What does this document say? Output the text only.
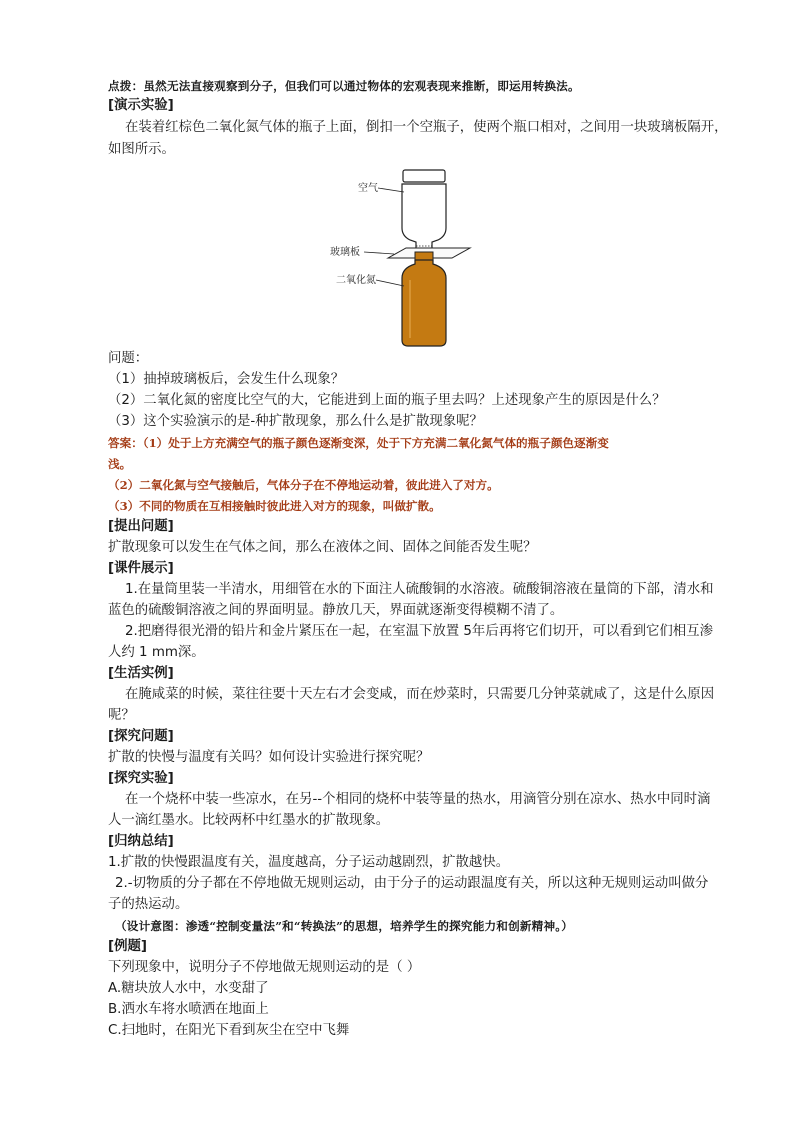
点拨：虽然无法直接观察到分子，但我们可以通过物体的宏观表现来推断，即运用转换法。
[演示实验]
在装着红棕色二氧化氮气体的瓶子上面，倒扣一个空瓶子，使两个瓶口相对，之间用一块玻璃板隔开，
如图所示。
空气
玻璃板
二氧化氮
问题：
（1）抽掉玻璃板后，会发生什么现象？
（2）二氧化氮的密度比空气的大，它能进到上面的瓶子里去吗？上述现象产生的原因是什么？
（3）这个实验演示的是-种扩散现象，那么什么是扩散现象呢？
答案：（1）处于上方充满空气的瓶子颜色逐渐变深，处于下方充满二氧化氮气体的瓶子颜色逐渐变
浅。
（2）二氧化氮与空气接触后，气体分子在不停地运动着，彼此进入了对方。
（3）不同的物质在互相接触时彼此进入对方的现象，叫做扩散。
[提出问题]
扩散现象可以发生在气体之间，那么在液体之间、固体之间能否发生呢？
[课件展示]
1.在量筒里装一半清水，用细管在水的下面注人硫酸铜的水溶液。硫酸铜溶液在量筒的下部，清水和
蓝色的硫酸铜溶液之间的界面明显。静放几天，界面就逐渐变得模糊不清了。
2.把磨得很光滑的铅片和金片紧压在一起，在室温下放置 5年后再将它们切开，可以看到它们相互渗
人约 1 mm深。
[生活实例]
在腌咸菜的时候，菜往往要十天左右才会变咸，而在炒菜时，只需要几分钟菜就咸了，这是什么原因
呢？
[探究问题]
扩散的快慢与温度有关吗？如何设计实验进行探究呢？
[探究实验]
在一个烧杯中装一些凉水，在另--个相同的烧杯中装等量的热水，用滴管分别在凉水、热水中同时滴
人一滴红墨水。比较两杯中红墨水的扩散现象。
[归纳总结]
1.扩散的快慢跟温度有关，温度越高，分子运动越剧烈，扩散越快。
2.-切物质的分子都在不停地做无规则运动，由于分子的运动跟温度有关，所以这种无规则运动叫做分
子的热运动。
（设计意图：渗透“控制变量法”和“转换法”的思想，培养学生的探究能力和创新精神。）
[例题]
下列现象中，说明分子不停地做无规则运动的是（ ）
A.糖块放人水中，水变甜了
B.洒水车将水喷洒在地面上
C.扫地时，在阳光下看到灰尘在空中飞舞
